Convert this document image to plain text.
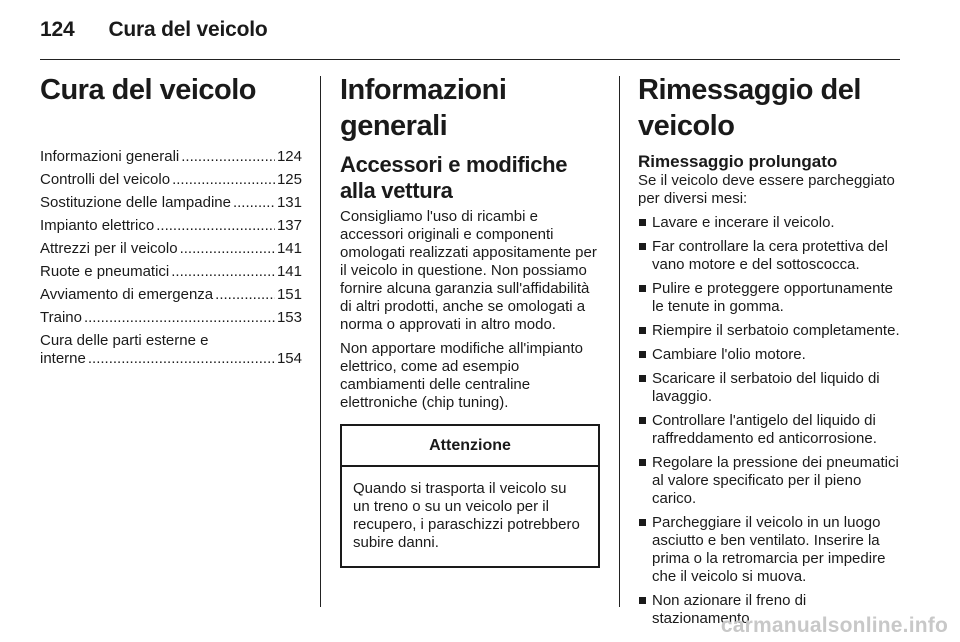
124 Cura del veicolo
Cura del veicolo
Informazioni generali .....	124
Controlli del veicolo .....	125
Sostituzione delle lampadine .....	131
Impianto elettrico .....	137
Attrezzi per il veicolo .....	141
Ruote e pneumatici .....	141
Avviamento di emergenza .....	151
Traino .....	153
Cura delle parti esterne e
interne .....	154
Informazioni generali
Accessori e modifiche alla vettura

Consigliamo l'uso di ricambi e accessori originali e componenti omologati realizzati appositamente per il veicolo in questione. Non possiamo fornire alcuna garanzia sull'affidabilità di altri prodotti, anche se omologati a norma o approvati in altro modo.

Non apportare modifiche all'impianto elettrico, come ad esempio cambiamenti delle centraline elettroniche (chip tuning).

Attenzione

Quando si trasporta il veicolo su un treno o su un veicolo per il recupero, i paraschizzi potrebbero subire danni.

Rimessaggio del veicolo
Rimessaggio prolungato

Se il veicolo deve essere parcheggiato per diversi mesi:

Lavare e incerare il veicolo.
Far controllare la cera protettiva del vano motore e del sottoscocca.
Pulire e proteggere opportunamente le tenute in gomma.
Riempire il serbatoio completamente.
Cambiare l'olio motore.
Scaricare il serbatoio del liquido di lavaggio.
Controllare l'antigelo del liquido di raffreddamento ed anticorrosione.
Regolare la pressione dei pneumatici al valore specificato per il pieno carico.
Parcheggiare il veicolo in un luogo asciutto e ben ventilato. Inserire la prima o la retromarcia per impedire che il veicolo si muova.
Non azionare il freno di stazionamento.
carmanualsonline.info
